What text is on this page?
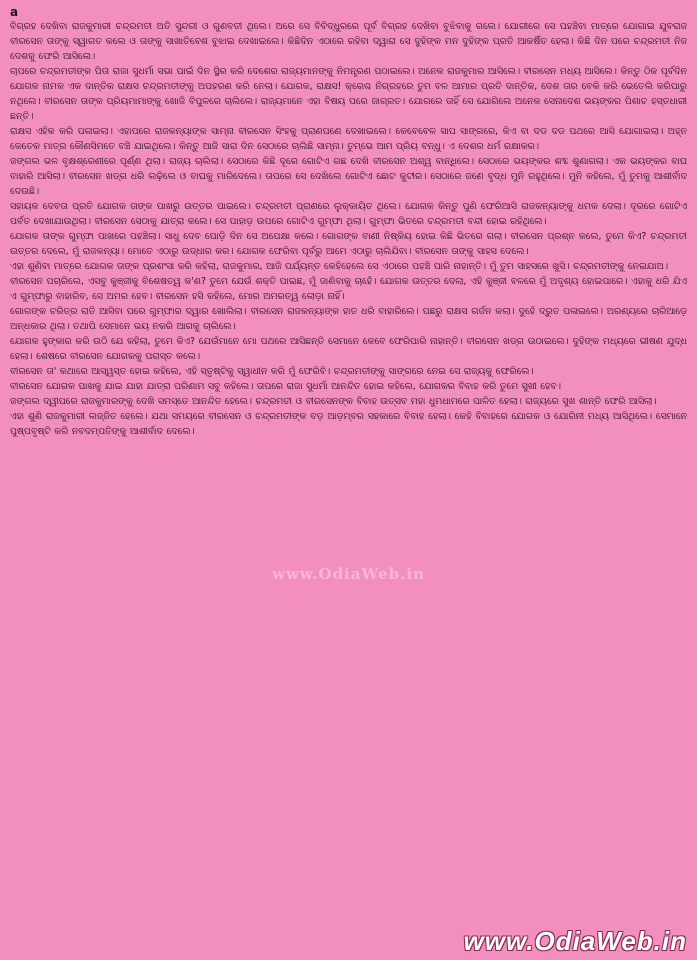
a

ବିଗ୍ରହ ଦେଖିବା ରାଜକୁମାରୀ ଚନ୍ଦ୍ରମତୀ ଅତି ସୁନ୍ଦରୀ ଓ ଗୁଣବତୀ ଥିଲେ। ଅରେ ସେ ବିବିଦ୍ଧୁରରେ ପୂର୍ବ ବିଗ୍ରହ ଦେଖିବା ବୁଝିବାକୁ ଗଲେ। ଯୋଗୀରେ ସେ ପହଞ୍ଚିବା ମାତ୍ରେ ଯୋଗାଇ ଯୁବରାଜ ବୀରସେନ ତାଙ୍କୁ ସ୍ୱାଗତ କଲେ ଓ ତାଙ୍କୁ ସାଖାତିବେଶ ବୁଝାଇ ଦେଖାଇଲେ। କିଛିଦିନ ଏଠାରେ ରହିବା ଦ୍ୱାରା ସେ ଦୁହିଙ୍କ ମନ ଦୁହିଙ୍କ ପ୍ରତି ଆକର୍ଷିତ ହେଲା। କିଛି ଦିନ ପରେ ଚନ୍ଦ୍ରମତୀ ନିଜ ଦେଶକୁ ଫେରି ଆସିଲେ।

ଚାପରେ ଚନ୍ଦ୍ରମତୀଙ୍କ ପିତା ରାଜା ସୁଧର୍ମା ସଭା ପାଇଁ ଦିନ ସ୍ଥିର କରି ଦେଶେର ରାଜ୍ୟମାନଙ୍କୁ ନିମନ୍ତ୍ରଣ ପଠାଇଲେ। ଅନେକ ରାଜକୁମାର ଆସିଲେ। ବୀରସେନ ମଧ୍ୟ ଆସିଲେ। କିନ୍ତୁ ଠିକ ପୂର୍ବଦିନ ଯୋଗକ ନାମକ ଏକ ଦାନ୍ତିକ ରାକ୍ଷସ ଚନ୍ଦ୍ରମତୀଙ୍କୁ ଅପହରଣ କରି ନେଲା। ଯୋଗକ, ରାକ୍ଷସ! କ୍ରେଶ୍ଚ ନିଗ୍ରହରେ ତୁମ ବଳ ଆମାର ପ୍ରତି ଦାନ୍ତିକ, ଦେଶ ତାର ବେକି କରି ଭେତେଲି କରିପାରୁ ନଥିଲେ। ବୀରସେନ ତାଙ୍କ ପ୍ରିୟମାମାଙ୍କୁ ଖୋଜି ବିପୁଳରେ ଚାଲିଲେ। ରାଜ୍ୟମାନେ ଏହା ବିଷୟ ପରେ ଜାଗ୍ରତ। ଯୋଗରେ ତାହିଁ ସେ ଯୋଗିଲେ ଅନେକ ସେନାଦେଶ ଭୟଙ୍କର ପିଶାଚ ହସ୍ତଧାରୀ ଛନ୍ତି।

ରାକ୍ଷସ ଏହିକ କରି ପଳାଇଲା। ଏହାପରେ ରାଜକନ୍ୟାଙ୍କ ସାମ୍ନା ବୀରସେନ ସିଂହକୁ ପ୍ରାଣପଣେ ଦେଖାଇଲେ। କେବେବେଳ ସାପ ସାଙ୍ଗରେ, କିଏ ବା ଦଡ ଦଡ ପଥରେ ଆସି ଯୋଗାଇଲା। ଅହ୍ନ କେତେକ ମାତ୍ର କୌଣସିମତେ ବଞ୍ଚି ଯାଇଥିଲେ। କିନ୍ତୁ ଆଜି ସାରା ଦିନ ସେଠାରେ ଚାଲିଛି ସାମ୍ନା। ତୁମ୍ଭେ ଆମ ପ୍ରିୟ ବନ୍ଧୁ। ଏ ଦେଶର ଧର୍ମ ରକ୍ଷାକର।

ଜଙ୍ଗଲ ଭଳ ବୃକ୍ଷଶ୍ରେଣୀରେ ପୂର୍ଣ୍ଣ ଥିଲା। ରାଜ୍ୟ ଚାଲିଲା। ସେଠାରେ କିଛି ଦୂରେ ଗୋଟିଏ ଗଛ ଦେଖି ବୀରସେନ ଅଶ୍ୱ ବାନ୍ଧିଲେ। ସେଠାରେ ଭୟଙ୍କର ଶବ୍ଦ ଶୁଣାଗଲା। ଏକ ଭୟଙ୍କର ବାଘ ବାହାରି ଆସିଲା। ବୀରସେନ ଖଡ୍ଗ ଧରି ଲଢ଼ିଲେ ଓ ବାଘକୁ ମାରିଦେଲେ। ତାପରେ ସେ ଦେଖିଲେ ଗୋଟିଏ ଛୋଟ କୁଟୀର। ସେଠାରେ ଜଣେ ବୃଦ୍ଧ ମୁନି ରହୁଥିଲେ। ମୁନି କହିଲେ, ମୁଁ ତୁମକୁ ଆଶୀର୍ବାଦ ଦେଉଛି।

ସହାୟକ ଦେବତା ପ୍ରତି ଯୋଗକ ତାଙ୍କ ପାଖରୁ ଉତ୍ତର ପାଇଲେ। ଚନ୍ଦ୍ରମତୀ ପ୍ରାଣରେ ଲୁକ୍କାୟିତ ଥିଲେ। ଯୋଗକ କିନ୍ତୁ ପୁଣି ଫେରିଆସି ରାଜକନ୍ୟାଙ୍କୁ ଧମକ ଦେଲା। ଦୂରରେ ଗୋଟିଏ ପର୍ବତ ଦେଖାଯାଉଥିଲା। ବୀରସେନ ସେଠାକୁ ଯାତ୍ରା କଲେ। ସେ ପାହାଡ଼ ଉପରେ ଗୋଟିଏ ଗୁମ୍ଫା ଥିଲା। ଗୁମ୍ଫା ଭିତରେ ଚନ୍ଦ୍ରମତୀ ବନ୍ଦୀ ହୋଇ ରହିଥିଲେ।

ଯୋଗକ ତାଙ୍କ ଗୁମ୍ଫା ପାଖରେ ପହଞ୍ଚିଲା। ସାଧୁ ଦେବ ପୋଡ଼ି ଦିନ ସେ ଅପେକ୍ଷା କଲେ। ଗୋଗଙ୍କ ବାଣୀ ନିଷ୍କିୟ ହୋଇ କିଛି ଭିତରେ ଗଲା। ବୀରସେନ ପ୍ରଶ୍ନ କଲେ, ତୁମେ କିଏ? ଚନ୍ଦ୍ରମତୀ ଉତ୍ତର ଦେଲେ, ମୁଁ ରାଜକନ୍ୟା। ମୋତେ ଏଠାରୁ ଉଦ୍ଧାର କର। ଯୋଗକ ଫେରିବା ପୂର୍ବରୁ ଆମେ ଏଠାରୁ ଚାଲିଯିବା। ବୀରସେନ ତାଙ୍କୁ ସାହସ ଦେଲେ।

ଏହା ଶୁଣିବା ମାତ୍ରେ ଯୋଗକ ତାଙ୍କ ପ୍ରଶଂସା କରି କହିଲା, ରାଜକୁମାର, ଆଜି ପର୍ଯ୍ୟନ୍ତ କେହିହେଲେ ସେ ଏଠାରେ ପହଞ୍ଚି ପାରି ନାହାନ୍ତି। ମୁଁ ତୁମ ସାହସରେ ଖୁସି। ଚନ୍ଦ୍ରମତୀଙ୍କୁ ନେଇଯାଅ।

ବୀରସେନ ପଚାରିଲେ, ଏସବୁ କୁଞ୍ଜୀକୁ ବିଶେଷତ୍ୱ କ'ଣ? ତୁମେ ଯେଉଁ ଶକ୍ତି ପାଇଛ, ମୁଁ ଜାଣିବାକୁ ଚାହେଁ। ଯୋଗକ ଉତ୍ତର ଦେଲା, ଏହି କୁଞ୍ଜୀ ବଳରେ ମୁଁ ଅଦୃଶ୍ୟ ହୋଇପାରେ। ଏହାକୁ ଧରି ଯିଏ ଏ ଗୁମ୍ଫାରୁ ବାହାରିବ, ସେ ଅମର ହେବ। ବୀରସେନ ହସି କହିଲେ, ମୋର ଅମରତ୍ୱ ଲୋଡ଼ା ନାହିଁ।

ଗୋଗଙ୍କ ଚରିତ୍ର ରାତି ଆସିବା ପରେ ଗୁମ୍ଫାର ଦ୍ୱାର ଖୋଲିଲା। ବୀରସେନ ରାଜକନ୍ୟାଙ୍କ ହାତ ଧରି ବାହାରିଲେ। ପଛରୁ ରାକ୍ଷସ ଗର୍ଜନ କଲା। ଦୁହେଁ ଦ୍ରୁତ ପଳାଇଲେ। ଅରଣ୍ୟରେ ଚାରିଆଡ଼େ ଅନ୍ଧକାର ଥିଲା। ତଥାପି ସେମାନେ ଭୟ ନକରି ଆଗକୁ ଚାଲିଲେ।

ଯୋଗକ ହୁଙ୍କାର କରି ଉଠି ଯେ କହିଲା, ତୁମେ କିଏ? ଯେଉଁମାନେ ମୋ ପଥରେ ଆସିଛନ୍ତି ସେମାନେ କେବେ ଫେରିପାରି ନାହାନ୍ତି। ବୀରସେନ ଖଡ୍ଗ ଉଠାଇଲେ। ଦୁହିଙ୍କ ମଧ୍ୟରେ ଭୀଷଣ ଯୁଦ୍ଧ ହେଲା। ଶେଷରେ ବୀରସେନ ଯୋଗକକୁ ପରାସ୍ତ କଲେ।

ବୀରସେନ ତା' କଥାରେ ଆସ୍ୱସ୍ତ ହୋଇ କହିଲେ, ଏହି ସ୍ତୃଷ୍ଟିକୁ ସ୍ୱାଧୀନ କରି ମୁଁ ଫେରିବି। ଚନ୍ଦ୍ରମତୀଙ୍କୁ ସାଙ୍ଗରେ ନେଇ ସେ ରାଜ୍ୟକୁ ଫେରିଲେ।

ବୀରସେନ ଯୋଗକ ପାଖକୁ ଯାଇ ଯାହା ଯାତ୍ରା ପରିଣାମ ସବୁ କହିଲେ। ତାପରେ ରାଜା ସୁଧର୍ମା ଆନନ୍ଦିତ ହୋଇ କହିଲେ, ଯୋଗକର ବିବାହ କରି ତୁମେ ସୁଖୀ ହେବ।

ଜଙ୍ଗଲ ଦ୍ୱୀପରେ ରାଜକୁମାରଙ୍କୁ ଦେଖି ସମସ୍ତେ ଆନନ୍ଦିତ ହେଲେ। ଚନ୍ଦ୍ରମତୀ ଓ ବୀରସେନଙ୍କ ବିବାହ ଉତ୍ସବ ମହା ଧୁମଧାମରେ ପାଳିତ ହେଲା। ରାଜ୍ୟରେ ସୁଖ ଶାନ୍ତି ଫେରି ଆସିଲା।

ଏହା ଶୁଣି ରାଜକୁମାରୀ ଲଜ୍ଜିତ ହେଲେ। ଯଥା ସମୟରେ ବୀରସେନ ଓ ଚନ୍ଦ୍ରମତୀଙ୍କ ବଡ଼ ଆଡ଼ମ୍ବର ସହକାରେ ବିବାହ ହେଲା। କେହି ବିବାହରେ ଯୋଗକ ଓ ଯୋଗିନୀ ମଧ୍ୟ ଆସିଥିଲେ। ସେମାନେ ପୁଷ୍ପବୃଷ୍ଟି କରି ନବଦମ୍ପତିଙ୍କୁ ଆଶୀର୍ବାଦ ଦେଲେ।

www.OdiaWeb.in
www.OdiaWeb.in
